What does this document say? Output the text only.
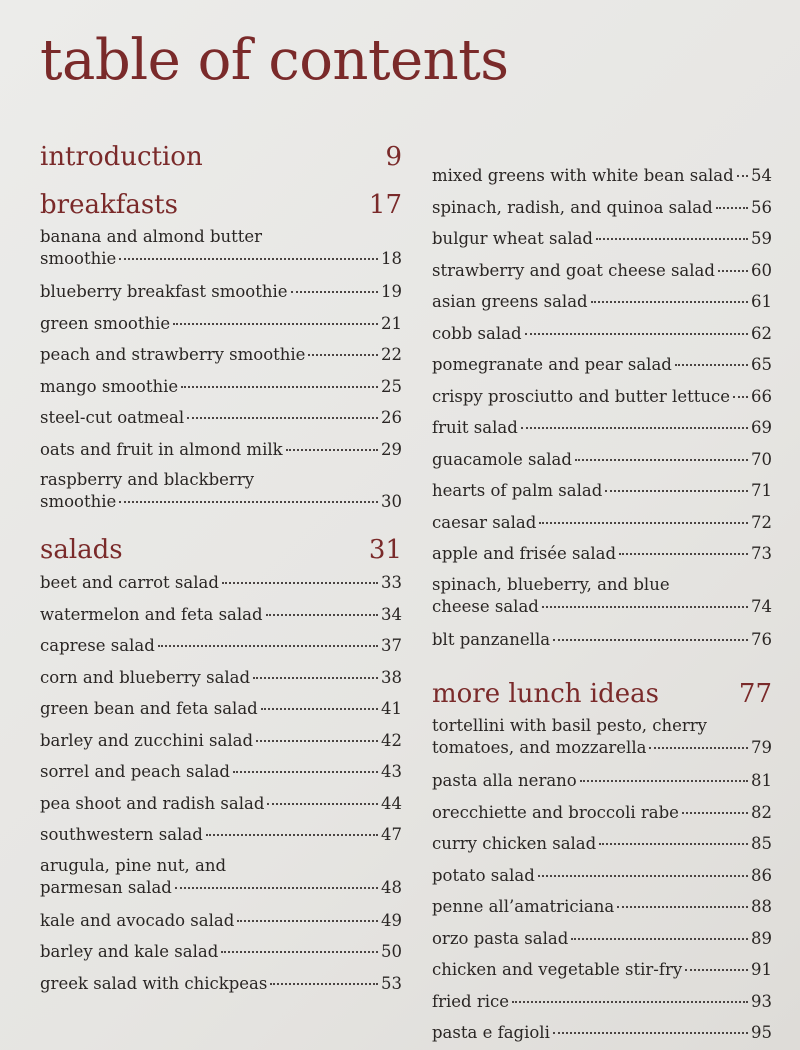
table of contents
introduction	9
breakfasts	17
banana and almond butter
smoothie	18
blueberry breakfast smoothie	19
green smoothie	21
peach and strawberry smoothie	22
mango smoothie	25
steel-cut oatmeal	26
oats and fruit in almond milk	29
raspberry and blackberry
smoothie	30
salads	31
beet and carrot salad	33
watermelon and feta salad	34
caprese salad	37
corn and blueberry salad	38
green bean and feta salad	41
barley and zucchini salad	42
sorrel and peach salad	43
pea shoot and radish salad	44
southwestern salad	47
arugula, pine nut, and
parmesan salad	48
kale and avocado salad	49
barley and kale salad	50
greek salad with chickpeas	53
mixed greens with white bean salad 54
spinach, radish, and quinoa salad 56
bulgur wheat salad	59
strawberry and goat cheese salad 60
asian greens salad	61
cobb salad	62
pomegranate and pear salad	65
crispy prosciutto and butter lettuce 66
fruit salad	69
guacamole salad	70
hearts of palm salad	71
caesar salad	72
apple and frisée salad	73
spinach, blueberry, and blue
cheese salad	74
blt panzanella	76
more lunch ideas	77
tortellini with basil pesto, cherry
tomatoes, and mozzarella	79
pasta alla nerano	81
orecchiette and broccoli rabe	82
curry chicken salad	85
potato salad	86
penne all’amatriciana	88
orzo pasta salad	89
chicken and vegetable stir-fry	91
fried rice	93
pasta e fagioli	95
